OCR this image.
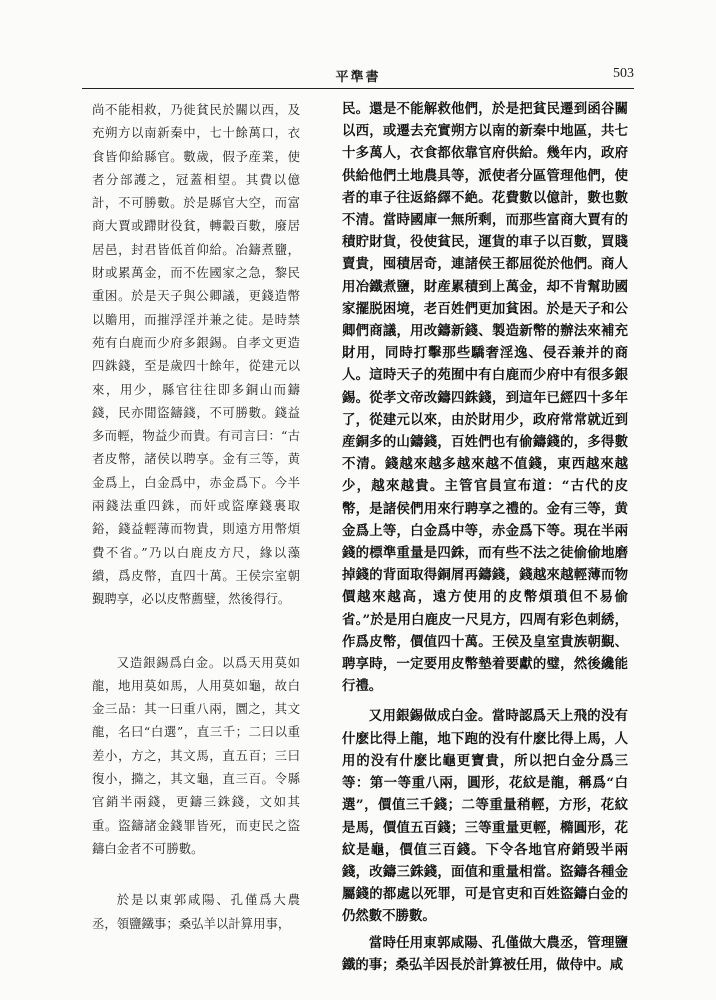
平準書	503

尚不能相救，乃徙貧民於關以西，及充朔方以南新秦中，七十餘萬口，衣食皆仰給縣官。數歲，假予産業，使者分部護之，冠蓋相望。其費以億計，不可勝數。於是縣官大空，而富商大賈或蹛財役貧，轉轂百數，廢居居邑，封君皆低首仰給。冶鑄煮鹽，財或累萬金，而不佐國家之急，黎民重困。於是天子與公卿議，更錢造幣以贍用，而摧浮淫并兼之徒。是時禁苑有白鹿而少府多銀錫。自孝文更造四銖錢，至是歲四十餘年，從建元以來，用少，縣官往往即多銅山而鑄錢，民亦閒盜鑄錢，不可勝數。錢益多而輕，物益少而貴。有司言曰：“古者皮幣，諸侯以聘享。金有三等，黄金爲上，白金爲中，赤金爲下。今半兩錢法重四銖，而奸或盜摩錢裏取鋊，錢益輕薄而物貴，則遠方用幣煩費不省。”乃以白鹿皮方尺，緣以藻繢，爲皮幣，直四十萬。王侯宗室朝覲聘享，必以皮幣薦璧，然後得行。

又造銀錫爲白金。以爲天用莫如龍，地用莫如馬，人用莫如龜，故白金三品：其一曰重八兩，圜之，其文龍，名曰“白選”，直三千；二曰以重差小，方之，其文馬，直五百；三曰復小，撱之，其文龜，直三百。令縣官銷半兩錢，更鑄三銖錢，文如其重。盜鑄諸金錢罪皆死，而吏民之盜鑄白金者不可勝數。

於是以東郭咸陽、孔僅爲大農丞，領鹽鐵事；桑弘羊以計算用事，

民。還是不能解救他們，於是把貧民遷到函谷關以西，或遷去充實朔方以南的新秦中地區，共七十多萬人，衣食都依靠官府供給。幾年内，政府供給他們土地農具等，派使者分區管理他們，使者的車子往返絡繹不絶。花費數以億計，數也數不清。當時國庫一無所剩，而那些富商大賈有的積貯財貨，役使貧民，運貨的車子以百數，買賤賣貴，囤積居奇，連諸侯王都屈從於他們。商人用冶鐵煮鹽，財産累積到上萬金，却不肯幫助國家擺脱困境，老百姓們更加貧困。於是天子和公卿們商議，用改鑄新錢、製造新幣的辦法來補充財用，同時打擊那些驕奢淫逸、侵吞兼并的商人。這時天子的苑囿中有白鹿而少府中有很多銀錫。從孝文帝改鑄四銖錢，到這年已經四十多年了，從建元以來，由於財用少，政府常常就近到産銅多的山鑄錢，百姓們也有偷鑄錢的，多得數不清。錢越來越多越來越不值錢，東西越來越少，越來越貴。主管官員宣布道：“古代的皮幣，是諸侯們用來行聘享之禮的。金有三等，黄金爲上等，白金爲中等，赤金爲下等。現在半兩錢的標準重量是四銖，而有些不法之徒偷偷地磨掉錢的背面取得銅屑再鑄錢，錢越來越輕薄而物價越來越高，遠方使用的皮幣煩瑣但不易偷省。”於是用白鹿皮一尺見方，四周有彩色刺綉，作爲皮幣，價值四十萬。王侯及皇室貴族朝覲、聘享時，一定要用皮幣墊着要獻的璧，然後纔能行禮。

又用銀錫做成白金。當時認爲天上飛的没有什麽比得上龍，地下跑的没有什麽比得上馬，人用的没有什麽比龜更寶貴，所以把白金分爲三等：第一等重八兩，圓形，花紋是龍，稱爲“白選”，價值三千錢；二等重量稍輕，方形，花紋是馬，價值五百錢；三等重量更輕，橢圓形，花紋是龜，價值三百錢。下令各地官府銷毁半兩錢，改鑄三銖錢，面值和重量相當。盜鑄各種金屬錢的都處以死罪，可是官吏和百姓盜鑄白金的仍然數不勝數。

當時任用東郭咸陽、孔僅做大農丞，管理鹽鐵的事；桑弘羊因長於計算被任用，做侍中。咸
